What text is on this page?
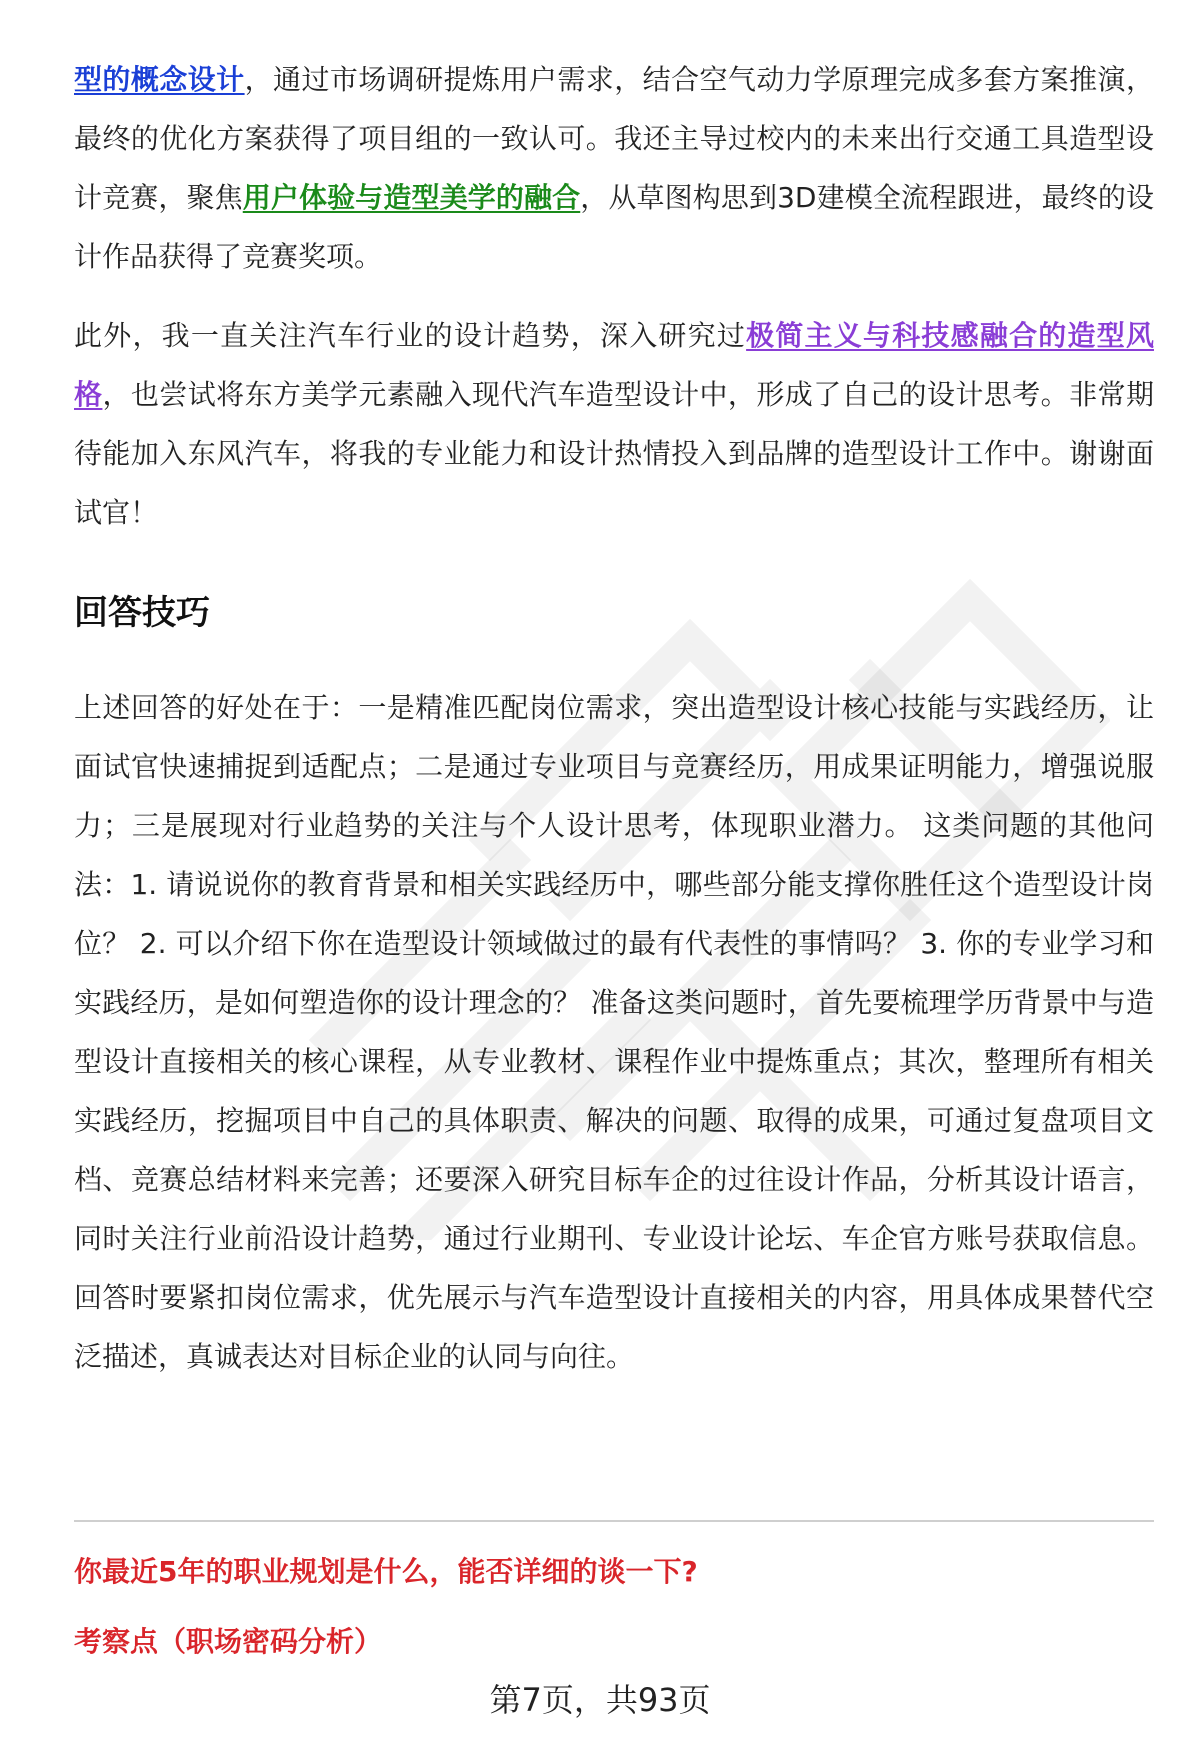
型的概念设计，通过市场调研提炼用户需求，结合空气动力学原理完成多套方案推演，最终的优化方案获得了项目组的一致认可。我还主导过校内的未来出行交通工具造型设计竞赛，聚焦用户体验与造型美学的融合，从草图构思到3D建模全流程跟进，最终的设计作品获得了竞赛奖项。

此外，我一直关注汽车行业的设计趋势，深入研究过极简主义与科技感融合的造型风格，也尝试将东方美学元素融入现代汽车造型设计中，形成了自己的设计思考。非常期待能加入东风汽车，将我的专业能力和设计热情投入到品牌的造型设计工作中。谢谢面试官！

回答技巧

上述回答的好处在于：一是精准匹配岗位需求，突出造型设计核心技能与实践经历，让面试官快速捕捉到适配点；二是通过专业项目与竞赛经历，用成果证明能力，增强说服力；三是展现对行业趋势的关注与个人设计思考，体现职业潜力。 这类问题的其他问法：1. 请说说你的教育背景和相关实践经历中，哪些部分能支撑你胜任这个造型设计岗位？ 2. 可以介绍下你在造型设计领域做过的最有代表性的事情吗？ 3. 你的专业学习和实践经历，是如何塑造你的设计理念的？ 准备这类问题时，首先要梳理学历背景中与造型设计直接相关的核心课程，从专业教材、课程作业中提炼重点；其次，整理所有相关实践经历，挖掘项目中自己的具体职责、解决的问题、取得的成果，可通过复盘项目文档、竞赛总结材料来完善；还要深入研究目标车企的过往设计作品，分析其设计语言，同时关注行业前沿设计趋势，通过行业期刊、专业设计论坛、车企官方账号获取信息。回答时要紧扣岗位需求，优先展示与汽车造型设计直接相关的内容，用具体成果替代空泛描述，真诚表达对目标企业的认同与向往。

你最近5年的职业规划是什么，能否详细的谈一下?
考察点（职场密码分析）
第7页，共93页
